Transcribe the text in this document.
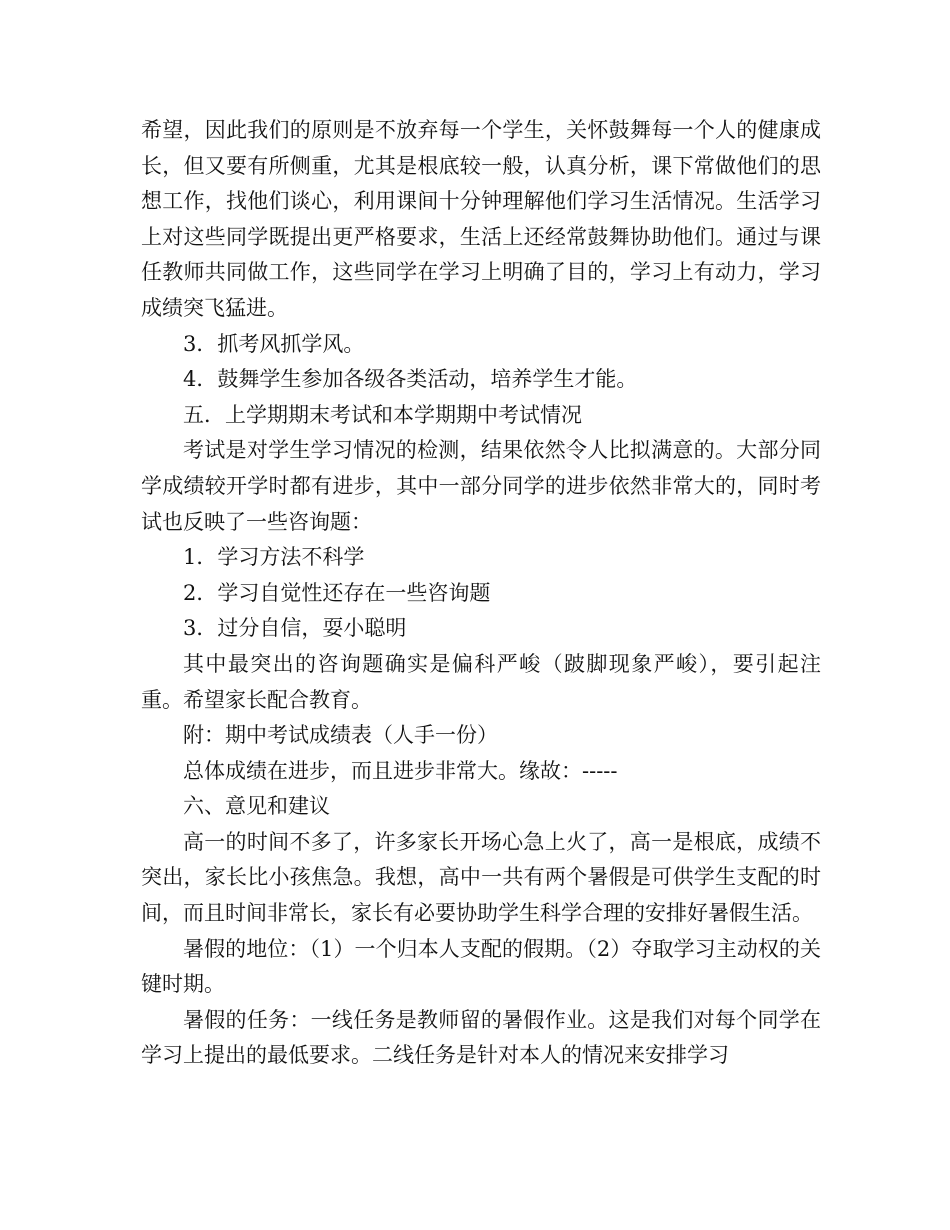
希望，因此我们的原则是不放弃每一个学生，关怀鼓舞每一个人的健康成长，但又要有所侧重，尤其是根底较一般，认真分析，课下常做他们的思想工作，找他们谈心，利用课间十分钟理解他们学习生活情况。生活学习上对这些同学既提出更严格要求，生活上还经常鼓舞协助他们。通过与课任教师共同做工作，这些同学在学习上明确了目的，学习上有动力，学习成绩突飞猛进。

3．抓考风抓学风。

4．鼓舞学生参加各级各类活动，培养学生才能。

五．上学期期末考试和本学期期中考试情况

考试是对学生学习情况的检测，结果依然令人比拟满意的。大部分同学成绩较开学时都有进步，其中一部分同学的进步依然非常大的，同时考试也反映了一些咨询题：

1．学习方法不科学

2．学习自觉性还存在一些咨询题

3．过分自信，耍小聪明

其中最突出的咨询题确实是偏科严峻（跛脚现象严峻），要引起注重。希望家长配合教育。

附：期中考试成绩表（人手一份）

总体成绩在进步，而且进步非常大。缘故：-----

六、意见和建议

高一的时间不多了，许多家长开场心急上火了，高一是根底，成绩不突出，家长比小孩焦急。我想，高中一共有两个暑假是可供学生支配的时间，而且时间非常长，家长有必要协助学生科学合理的安排好暑假生活。

暑假的地位：（1）一个归本人支配的假期。（2）夺取学习主动权的关键时期。

暑假的任务：一线任务是教师留的暑假作业。这是我们对每个同学在学习上提出的最低要求。二线任务是针对本人的情况来安排学习
